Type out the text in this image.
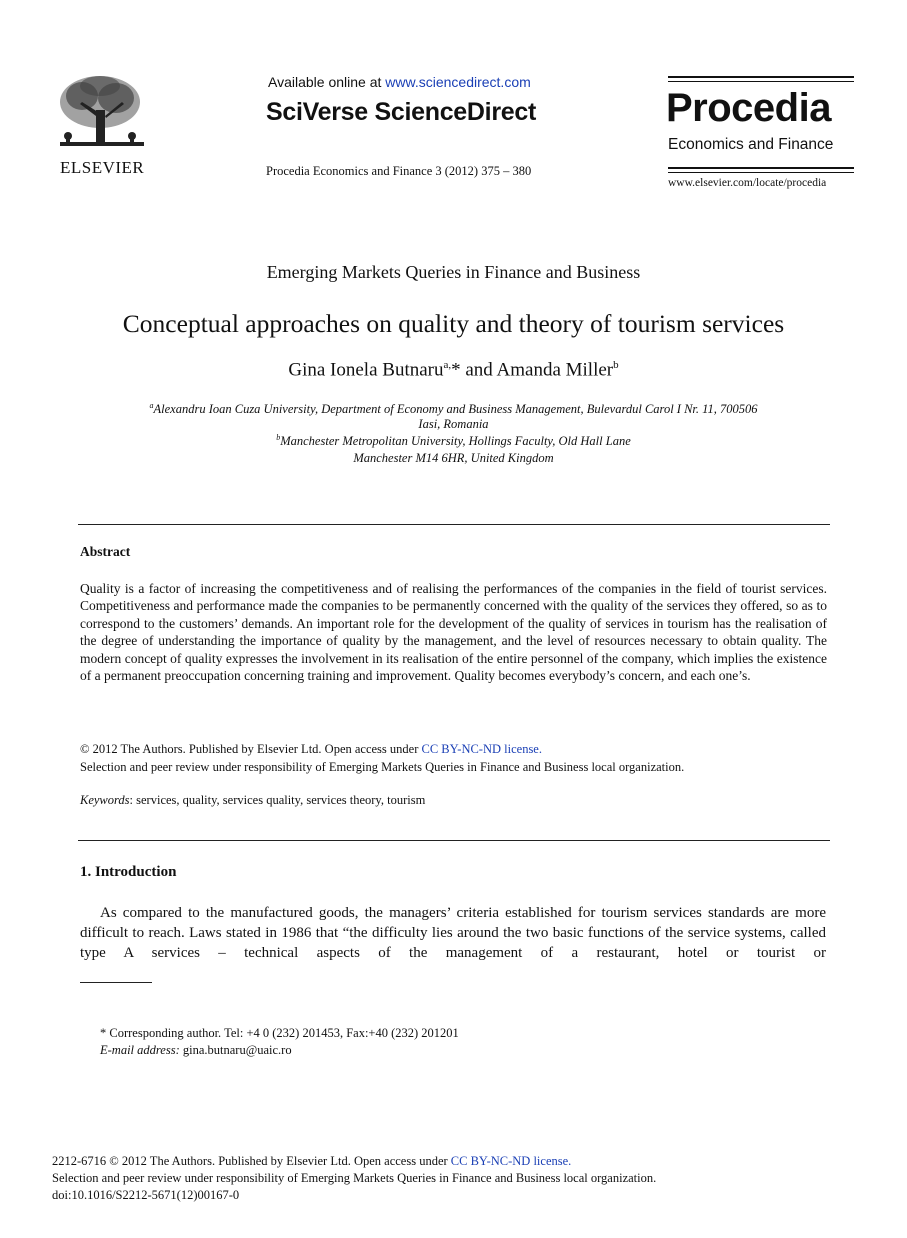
ELSEVIER
Available online at www.sciencedirect.com
SciVerse ScienceDirect
Procedia Economics and Finance 3 (2012) 375 – 380
Procedia
Economics and Finance
www.elsevier.com/locate/procedia
Emerging Markets Queries in Finance and Business
Conceptual approaches on quality and theory of tourism services
Gina Ionela Butnaru$^{a,}$* and Amanda Miller$^b$
$^a$Alexandru Ioan Cuza University, Department of Economy and Business Management, Bulevardul Carol I Nr. 11, 700506
Iasi, Romania
$^b$Manchester Metropolitan University, Hollings Faculty, Old Hall Lane
Manchester M14 6HR, United Kingdom
Abstract
Quality is a factor of increasing the competitiveness and of realising the performances of the companies in the field of tourist services. Competitiveness and performance made the companies to be permanently concerned with the quality of the services they offered, so as to correspond to the customers’ demands. An important role for the development of the quality of services in tourism has the realisation of the degree of understanding the importance of quality by the management, and the level of resources necessary to obtain quality. The modern concept of quality expresses the involvement in its realisation of the entire personnel of the company, which implies the existence of a permanent preoccupation concerning training and improvement. Quality becomes everybody’s concern, and each one’s.
© 2012 The Authors. Published by Elsevier Ltd. Open access under CC BY-NC-ND license.
Selection and peer review under responsibility of Emerging Markets Queries in Finance and Business local organization.
Keywords: services, quality, services quality, services theory, tourism
1. Introduction
As compared to the manufactured goods, the managers’ criteria established for tourism services standards are more difficult to reach. Laws stated in 1986 that “the difficulty lies around the two basic functions of the service systems, called type A services – technical aspects of the management of a restaurant, hotel or tourist or
* Corresponding author. Tel: +4 0 (232) 201453, Fax:+40 (232) 201201
E-mail address: gina.butnaru@uaic.ro
2212-6716 © 2012 The Authors. Published by Elsevier Ltd. Open access under CC BY-NC-ND license.
Selection and peer review under responsibility of Emerging Markets Queries in Finance and Business local organization.
doi:10.1016/S2212-5671(12)00167-0
